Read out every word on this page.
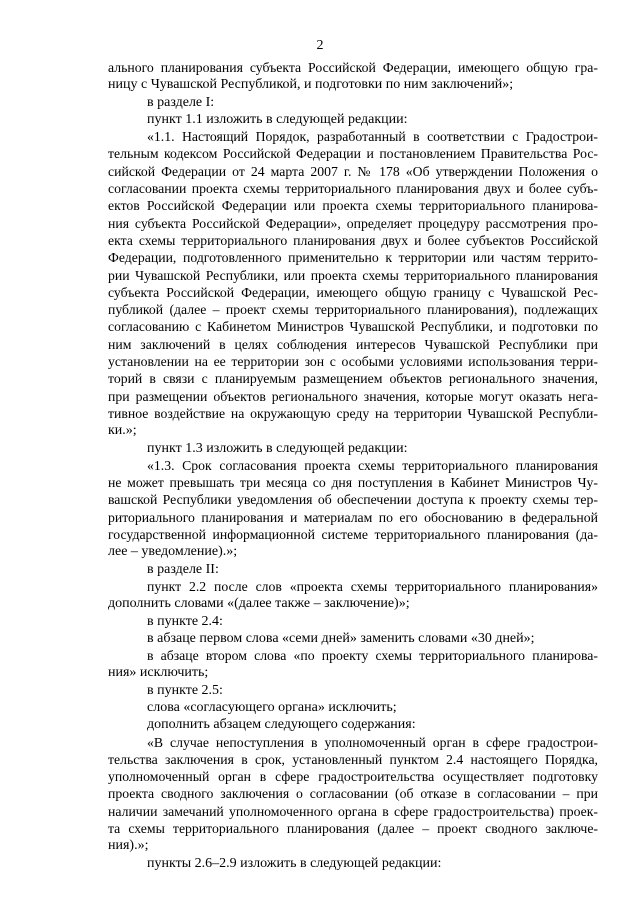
2
ального планирования субъекта Российской Федерации, имеющего общую гра-
ницу с Чувашской Республикой, и подготовки по ним заключений»;
в разделе I:
пункт 1.1 изложить в следующей редакции:
«1.1. Настоящий Порядок, разработанный в соответствии с Градострои-
тельным кодексом Российской Федерации и постановлением Правительства Рос-
сийской Федерации от 24 марта 2007 г. № 178 «Об утверждении Положения о
согласовании проекта схемы территориального планирования двух и более субъ-
ектов Российской Федерации или проекта схемы территориального планирова-
ния субъекта Российской Федерации», определяет процедуру рассмотрения про-
екта схемы территориального планирования двух и более субъектов Российской
Федерации, подготовленного применительно к территории или частям террито-
рии Чувашской Республики, или проекта схемы территориального планирования
субъекта Российской Федерации, имеющего общую границу с Чувашской Рес-
публикой (далее – проект схемы территориального планирования), подлежащих
согласованию с Кабинетом Министров Чувашской Республики, и подготовки по
ним заключений в целях соблюдения интересов Чувашской Республики при
установлении на ее территории зон с особыми условиями использования терри-
торий в связи с планируемым размещением объектов регионального значения,
при размещении объектов регионального значения, которые могут оказать нега-
тивное воздействие на окружающую среду на территории Чувашской Республи-
ки.»;
пункт 1.3 изложить в следующей редакции:
«1.3. Срок согласования проекта схемы территориального планирования
не может превышать три месяца со дня поступления в Кабинет Министров Чу-
вашской Республики уведомления об обеспечении доступа к проекту схемы тер-
риториального планирования и материалам по его обоснованию в федеральной
государственной информационной системе территориального планирования (да-
лее – уведомление).»;
в разделе II:
пункт 2.2 после слов «проекта схемы территориального планирования»
дополнить словами «(далее также – заключение)»;
в пункте 2.4:
в абзаце первом слова «семи дней» заменить словами «30 дней»;
в абзаце втором слова «по проекту схемы территориального планирова-
ния» исключить;
в пункте 2.5:
слова «согласующего органа» исключить;
дополнить абзацем следующего содержания:
«В случае непоступления в уполномоченный орган в сфере градострои-
тельства заключения в срок, установленный пунктом 2.4 настоящего Порядка,
уполномоченный орган в сфере градостроительства осуществляет подготовку
проекта сводного заключения о согласовании (об отказе в согласовании – при
наличии замечаний уполномоченного органа в сфере градостроительства) проек-
та схемы территориального планирования (далее – проект сводного заключе-
ния).»;
пункты 2.6–2.9 изложить в следующей редакции:
